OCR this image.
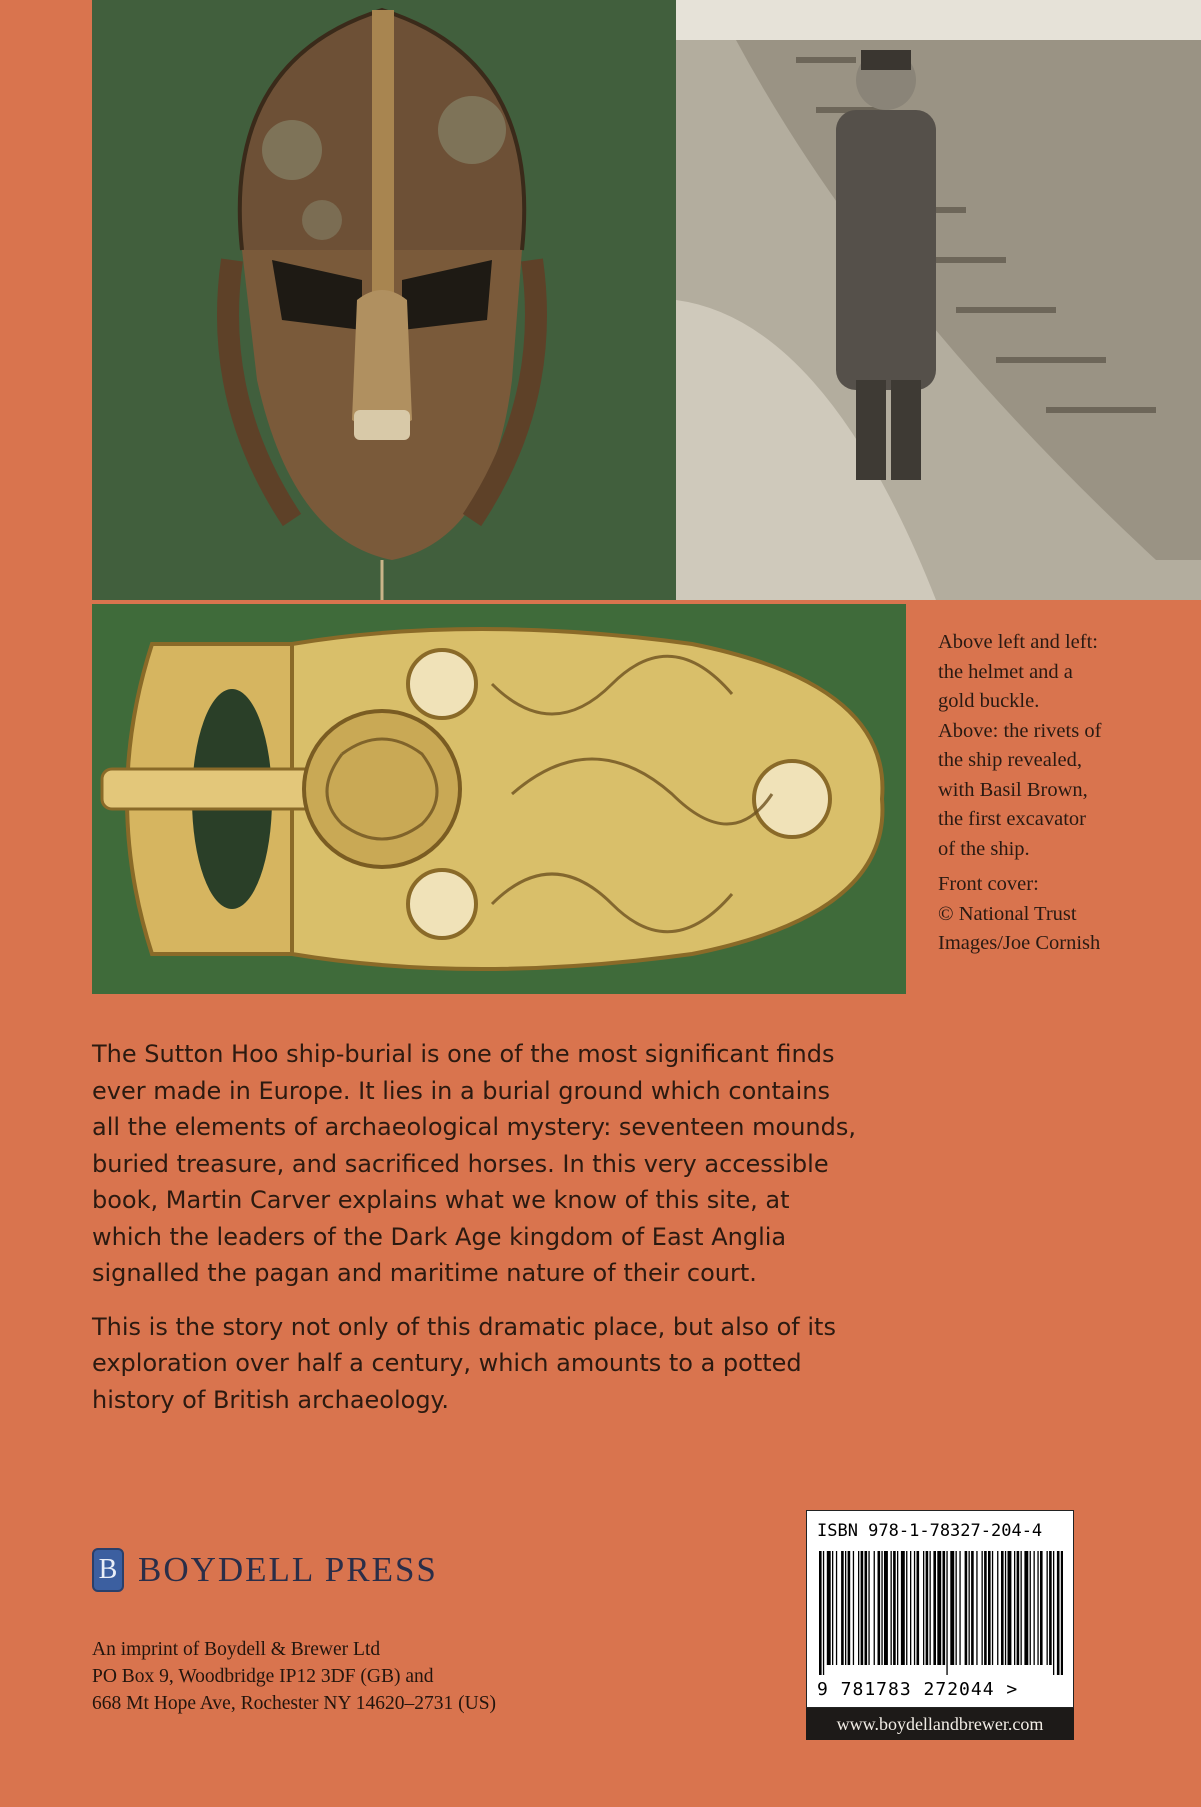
Above left and left:
the helmet and a
gold buckle.
Above: the rivets of
the ship revealed,
with Basil Brown,
the first excavator
of the ship.
Front cover:
© National Trust
Images/Joe Cornish

The Sutton Hoo ship-burial is one of the most significant finds
ever made in Europe. It lies in a burial ground which contains
all the elements of archaeological mystery: seventeen mounds,
buried treasure, and sacrificed horses. In this very accessible
book, Martin Carver explains what we know of this site, at
which the leaders of the Dark Age kingdom of East Anglia
signalled the pagan and maritime nature of their court.

This is the story not only of this dramatic place, but also of its
exploration over half a century, which amounts to a potted
history of British archaeology.

B BOYDELL PRESS
An imprint of Boydell & Brewer Ltd
PO Box 9, Woodbridge IP12 3DF (GB) and
668 Mt Hope Ave, Rochester NY 14620–2731 (US)
ISBN 978-1-78327-204-4
9 781783 272044 >
www.boydellandbrewer.com
